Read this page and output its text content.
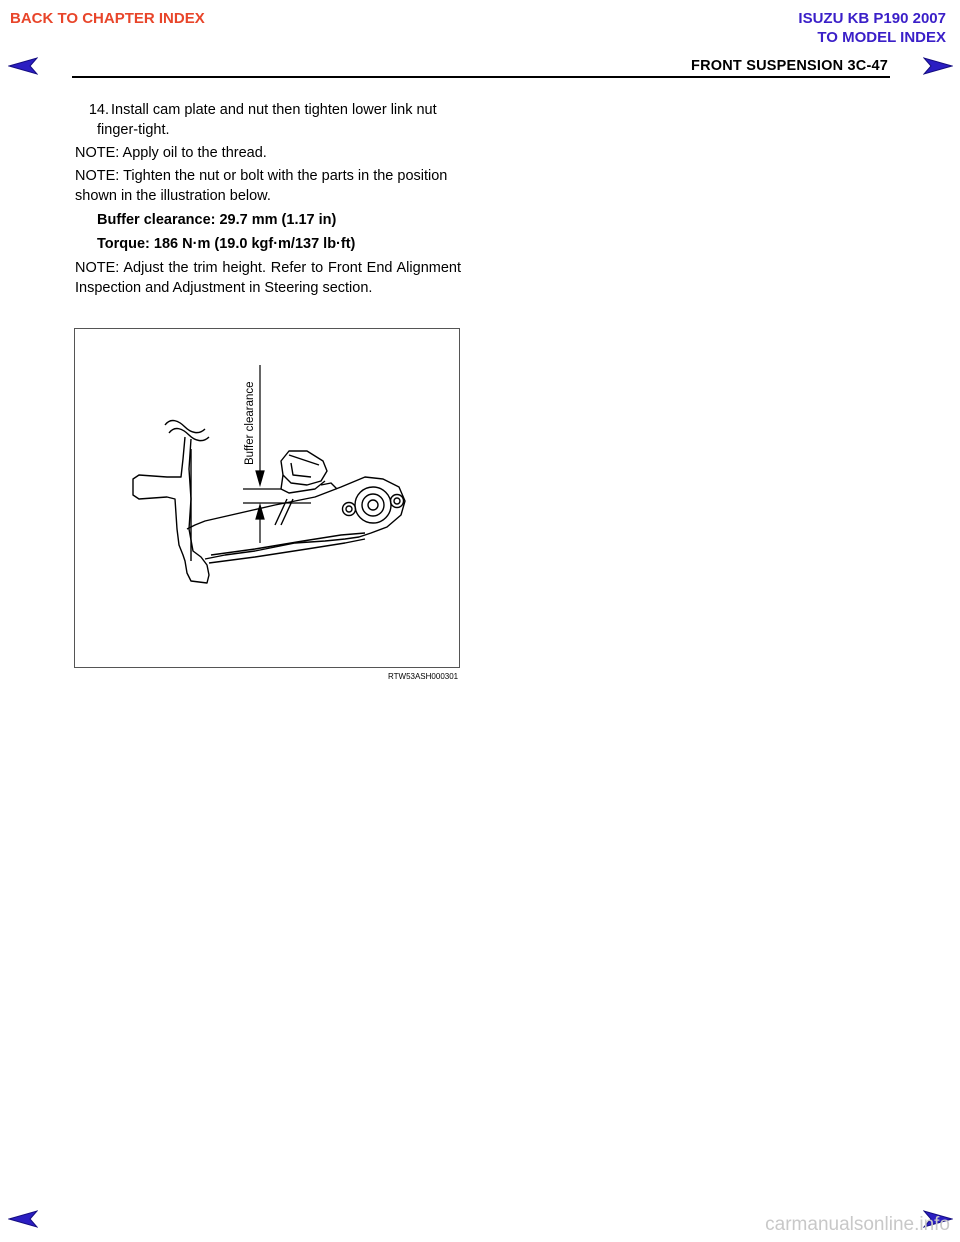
BACK TO CHAPTER INDEX	ISUZU KB P190 2007
TO MODEL INDEX
FRONT SUSPENSION 3C-47
14. Install cam plate and nut then tighten lower link nut
finger-tight.
NOTE: Apply oil to the thread.
NOTE: Tighten the nut or bolt with the parts in the position shown in the illustration below.
Buffer clearance: 29.7 mm (1.17 in)
Torque: 186 N·m (19.0 kgf·m/137 lb·ft)
NOTE: Adjust the trim height. Refer to Front End Alignment Inspection and Adjustment in Steering section.
Buffer clearance
RTW53ASH000301
carmanualsonline.info
